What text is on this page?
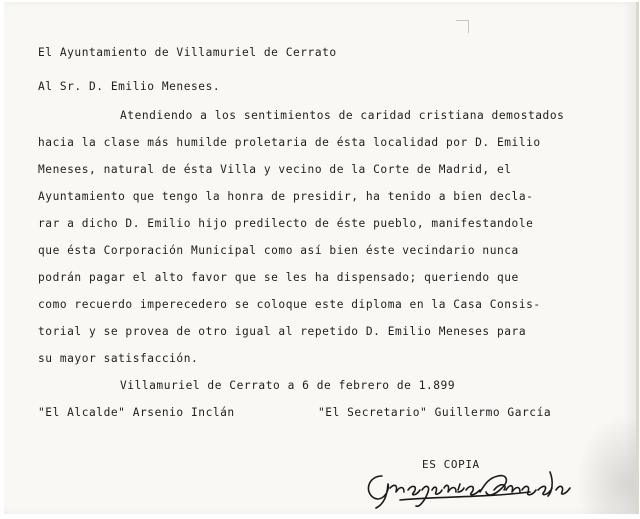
El Ayuntamiento de Villamuriel de Cerrato
Al Sr. D. Emilio Meneses.
Atendiendo a los sentimientos de caridad cristiana demostados
hacia la clase más humilde proletaria de ésta localidad por D. Emilio
Meneses, natural de ésta Villa y vecino de la Corte de Madrid, el
Ayuntamiento que tengo la honra de presidir, ha tenido a bien decla-
rar a dicho D. Emilio hijo predilecto de éste pueblo, manifestandole
que ésta Corporación Municipal como así bien éste vecindario nunca
podrán pagar el alto favor que se les ha dispensado; queriendo que
como recuerdo imperecedero se coloque este diploma en la Casa Consis-
torial y se provea de otro igual al repetido D. Emilio Meneses para
su mayor satisfacción.
Villamuriel de Cerrato a 6 de febrero de 1.899
"El Alcalde" Arsenio Inclán	"El Secretario" Guillermo García
ES COPIA
